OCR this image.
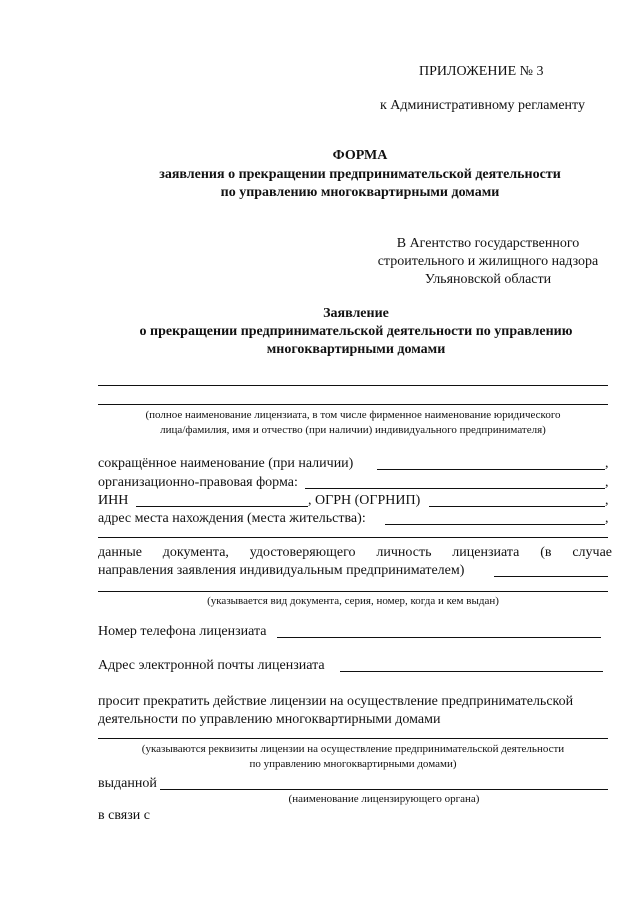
ПРИЛОЖЕНИЕ № 3
к Административному регламенту
ФОРМА
заявления о прекращении предпринимательской деятельности
по управлению многоквартирными домами
В Агентство государственного
строительного и жилищного надзора
Ульяновской области
Заявление
о прекращении предпринимательской деятельности по управлению
многоквартирными домами
(полное наименование лицензиата, в том числе фирменное наименование юридического
лица/фамилия, имя и отчество (при наличии) индивидуального предпринимателя)
сокращённое наименование (при наличии)	,
организационно-правовая форма:	,
ИНН	, ОГРН (ОГРНИП)	,
адрес места нахождения (места жительства):	,
данные документа, удостоверяющего личность лицензиата (в случае
направления заявления индивидуальным предпринимателем)
(указывается вид документа, серия, номер, когда и кем выдан)
Номер телефона лицензиата
Адрес электронной почты лицензиата
просит прекратить действие лицензии на осуществление предпринимательской
деятельности по управлению многоквартирными домами
(указываются реквизиты лицензии на осуществление предпринимательской деятельности
по управлению многоквартирными домами)
выданной
(наименование лицензирующего органа)
в связи с
